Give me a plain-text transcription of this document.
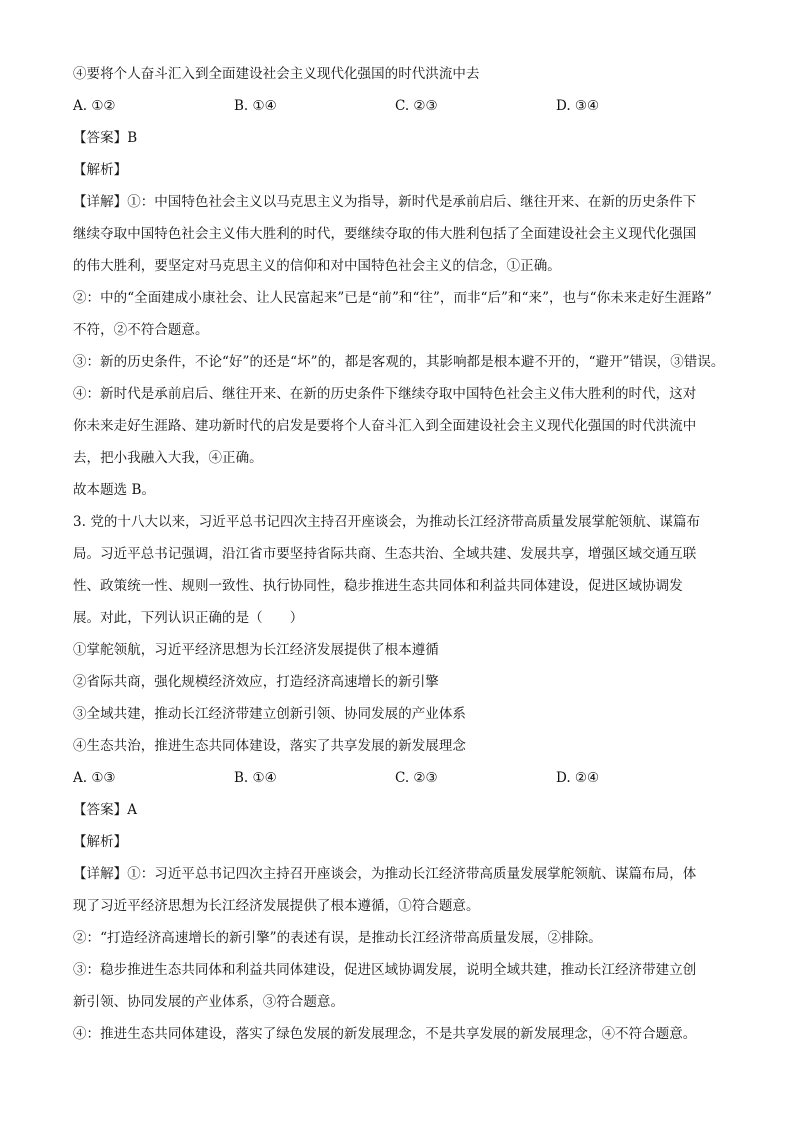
④要将个人奋斗汇入到全面建设社会主义现代化强国的时代洪流中去
A. ①②	B. ①④	C. ②③	D. ③④
【答案】B
【解析】
【详解】①：中国特色社会主义以马克思主义为指导，新时代是承前启后、继往开来、在新的历史条件下
继续夺取中国特色社会主义伟大胜利的时代，要继续夺取的伟大胜利包括了全面建设社会主义现代化强国
的伟大胜利，要坚定对马克思主义的信仰和对中国特色社会主义的信念，①正确。
②：中的“全面建成小康社会、让人民富起来”已是“前”和“往”，而非“后”和“来”，也与“你未来走好生涯路”
不符，②不符合题意。
③：新的历史条件，不论“好”的还是“坏”的，都是客观的，其影响都是根本避不开的，“避开”错误，③错误。
④：新时代是承前启后、继往开来、在新的历史条件下继续夺取中国特色社会主义伟大胜利的时代，这对
你未来走好生涯路、建功新时代的启发是要将个人奋斗汇入到全面建设社会主义现代化强国的时代洪流中
去，把小我融入大我，④正确。
故本题选 B。
3. 党的十八大以来，习近平总书记四次主持召开座谈会，为推动长江经济带高质量发展掌舵领航、谋篇布
局。习近平总书记强调，沿江省市要坚持省际共商、生态共治、全域共建、发展共享，增强区域交通互联
性、政策统一性、规则一致性、执行协同性，稳步推进生态共同体和利益共同体建设，促进区域协调发
展。对此，下列认识正确的是（　　）
①掌舵领航，习近平经济思想为长江经济发展提供了根本遵循
②省际共商，强化规模经济效应，打造经济高速增长的新引擎
③全域共建，推动长江经济带建立创新引领、协同发展的产业体系
④生态共治，推进生态共同体建设，落实了共享发展的新发展理念
A. ①③	B. ①④	C. ②③	D. ②④
【答案】A
【解析】
【详解】①：习近平总书记四次主持召开座谈会，为推动长江经济带高质量发展掌舵领航、谋篇布局，体
现了习近平经济思想为长江经济发展提供了根本遵循，①符合题意。
②：“打造经济高速增长的新引擎”的表述有误，是推动长江经济带高质量发展，②排除。
③：稳步推进生态共同体和利益共同体建设，促进区域协调发展，说明全域共建，推动长江经济带建立创
新引领、协同发展的产业体系，③符合题意。
④：推进生态共同体建设，落实了绿色发展的新发展理念，不是共享发展的新发展理念，④不符合题意。
